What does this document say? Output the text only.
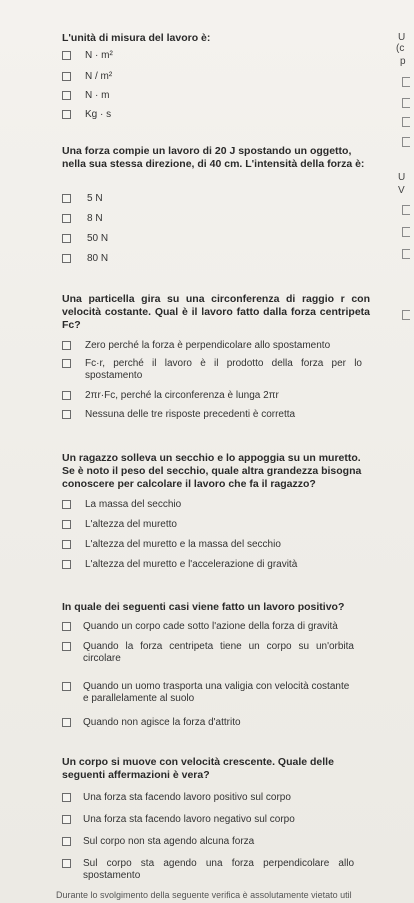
L'unità di misura del lavoro è:
N · m²
N / m²
N · m
Kg · s
Una forza compie un lavoro di 20 J spostando un oggetto, nella sua stessa direzione, di 40 cm. L'intensità della forza è:
5 N
8 N
50 N
80 N
Una particella gira su una circonferenza di raggio r con velocità costante. Qual è il lavoro fatto dalla forza centripeta Fc?
Zero perché la forza è perpendicolare allo spostamento
Fc·r, perché il lavoro è il prodotto della forza per lo spostamento
2πr·Fc, perché la circonferenza è lunga 2πr
Nessuna delle tre risposte precedenti è corretta
Un ragazzo solleva un secchio e lo appoggia su un muretto. Se è noto il peso del secchio, quale altra grandezza bisogna conoscere per calcolare il lavoro che fa il ragazzo?
La massa del secchio
L'altezza del muretto
L'altezza del muretto e la massa del secchio
L'altezza del muretto e l'accelerazione di gravità
In quale dei seguenti casi viene fatto un lavoro positivo?
Quando un corpo cade sotto l'azione della forza di gravità
Quando la forza centripeta tiene un corpo su un'orbita circolare
Quando un uomo trasporta una valigia con velocità costante e parallelamente al suolo
Quando non agisce la forza d'attrito
Un corpo si muove con velocità crescente. Quale delle seguenti affermazioni è vera?
Una forza sta facendo lavoro positivo sul corpo
Una forza sta facendo lavoro negativo sul corpo
Sul corpo non sta agendo alcuna forza
Sul corpo sta agendo una forza perpendicolare allo spostamento
U
(c
p
U
V
Durante lo svolgimento della seguente verifica è assolutamente vietato util
